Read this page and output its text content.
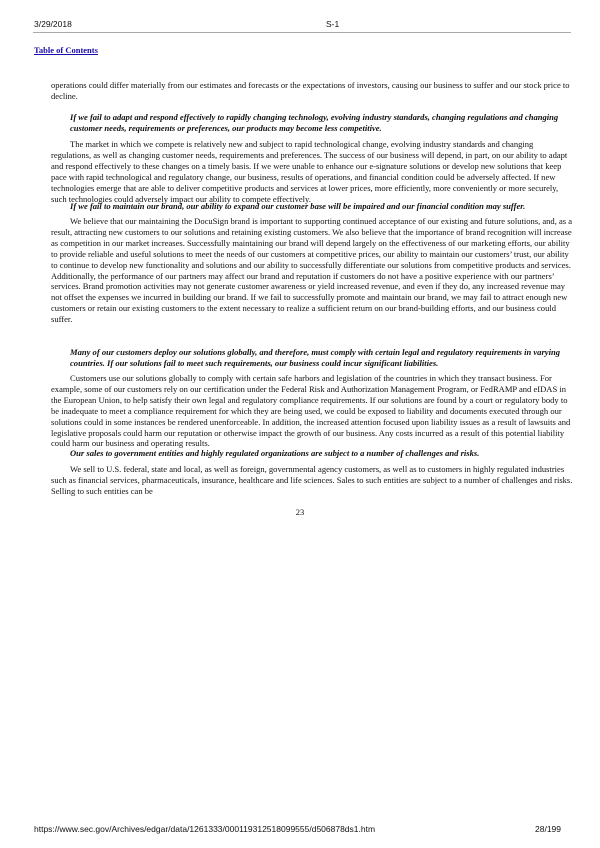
3/29/2018	S-1
Table of Contents
operations could differ materially from our estimates and forecasts or the expectations of investors, causing our business to suffer and our stock price to
decline.
If we fail to adapt and respond effectively to rapidly changing technology, evolving industry standards, changing regulations and changing
customer needs, requirements or preferences, our products may become less competitive.
The market in which we compete is relatively new and subject to rapid technological change, evolving industry standards and changing
regulations, as well as changing customer needs, requirements and preferences. The success of our business will depend, in part, on our ability to adapt
and respond effectively to these changes on a timely basis. If we were unable to enhance our e-signature solutions or develop new solutions that keep
pace with rapid technological and regulatory change, our business, results of operations, and financial condition could be adversely affected. If new
technologies emerge that are able to deliver competitive products and services at lower prices, more efficiently, more conveniently or more securely,
such technologies could adversely impact our ability to compete effectively.
If we fail to maintain our brand, our ability to expand our customer base will be impaired and our financial condition may suffer.
We believe that our maintaining the DocuSign brand is important to supporting continued acceptance of our existing and future solutions, and, as a
result, attracting new customers to our solutions and retaining existing customers. We also believe that the importance of brand recognition will increase
as competition in our market increases. Successfully maintaining our brand will depend largely on the effectiveness of our marketing efforts, our ability
to provide reliable and useful solutions to meet the needs of our customers at competitive prices, our ability to maintain our customers’ trust, our ability
to continue to develop new functionality and solutions and our ability to successfully differentiate our solutions from competitive products and services.
Additionally, the performance of our partners may affect our brand and reputation if customers do not have a positive experience with our partners’
services. Brand promotion activities may not generate customer awareness or yield increased revenue, and even if they do, any increased revenue may
not offset the expenses we incurred in building our brand. If we fail to successfully promote and maintain our brand, we may fail to attract enough new
customers or retain our existing customers to the extent necessary to realize a sufficient return on our brand-building efforts, and our business could
suffer.
Many of our customers deploy our solutions globally, and therefore, must comply with certain legal and regulatory requirements in varying
countries. If our solutions fail to meet such requirements, our business could incur significant liabilities.
Customers use our solutions globally to comply with certain safe harbors and legislation of the countries in which they transact business. For
example, some of our customers rely on our certification under the Federal Risk and Authorization Management Program, or FedRAMP and eIDAS in
the European Union, to help satisfy their own legal and regulatory compliance requirements. If our solutions are found by a court or regulatory body to
be inadequate to meet a compliance requirement for which they are being used, we could be exposed to liability and documents executed through our
solutions could in some instances be rendered unenforceable. In addition, the increased attention focused upon liability issues as a result of lawsuits and
legislative proposals could harm our reputation or otherwise impact the growth of our business. Any costs incurred as a result of this potential liability
could harm our business and operating results.
Our sales to government entities and highly regulated organizations are subject to a number of challenges and risks.
We sell to U.S. federal, state and local, as well as foreign, governmental agency customers, as well as to customers in highly regulated industries
such as financial services, pharmaceuticals, insurance, healthcare and life sciences. Sales to such entities are subject to a number of challenges and risks.
Selling to such entities can be
23
https://www.sec.gov/Archives/edgar/data/1261333/000119312518099555/d506878ds1.htm	28/199
